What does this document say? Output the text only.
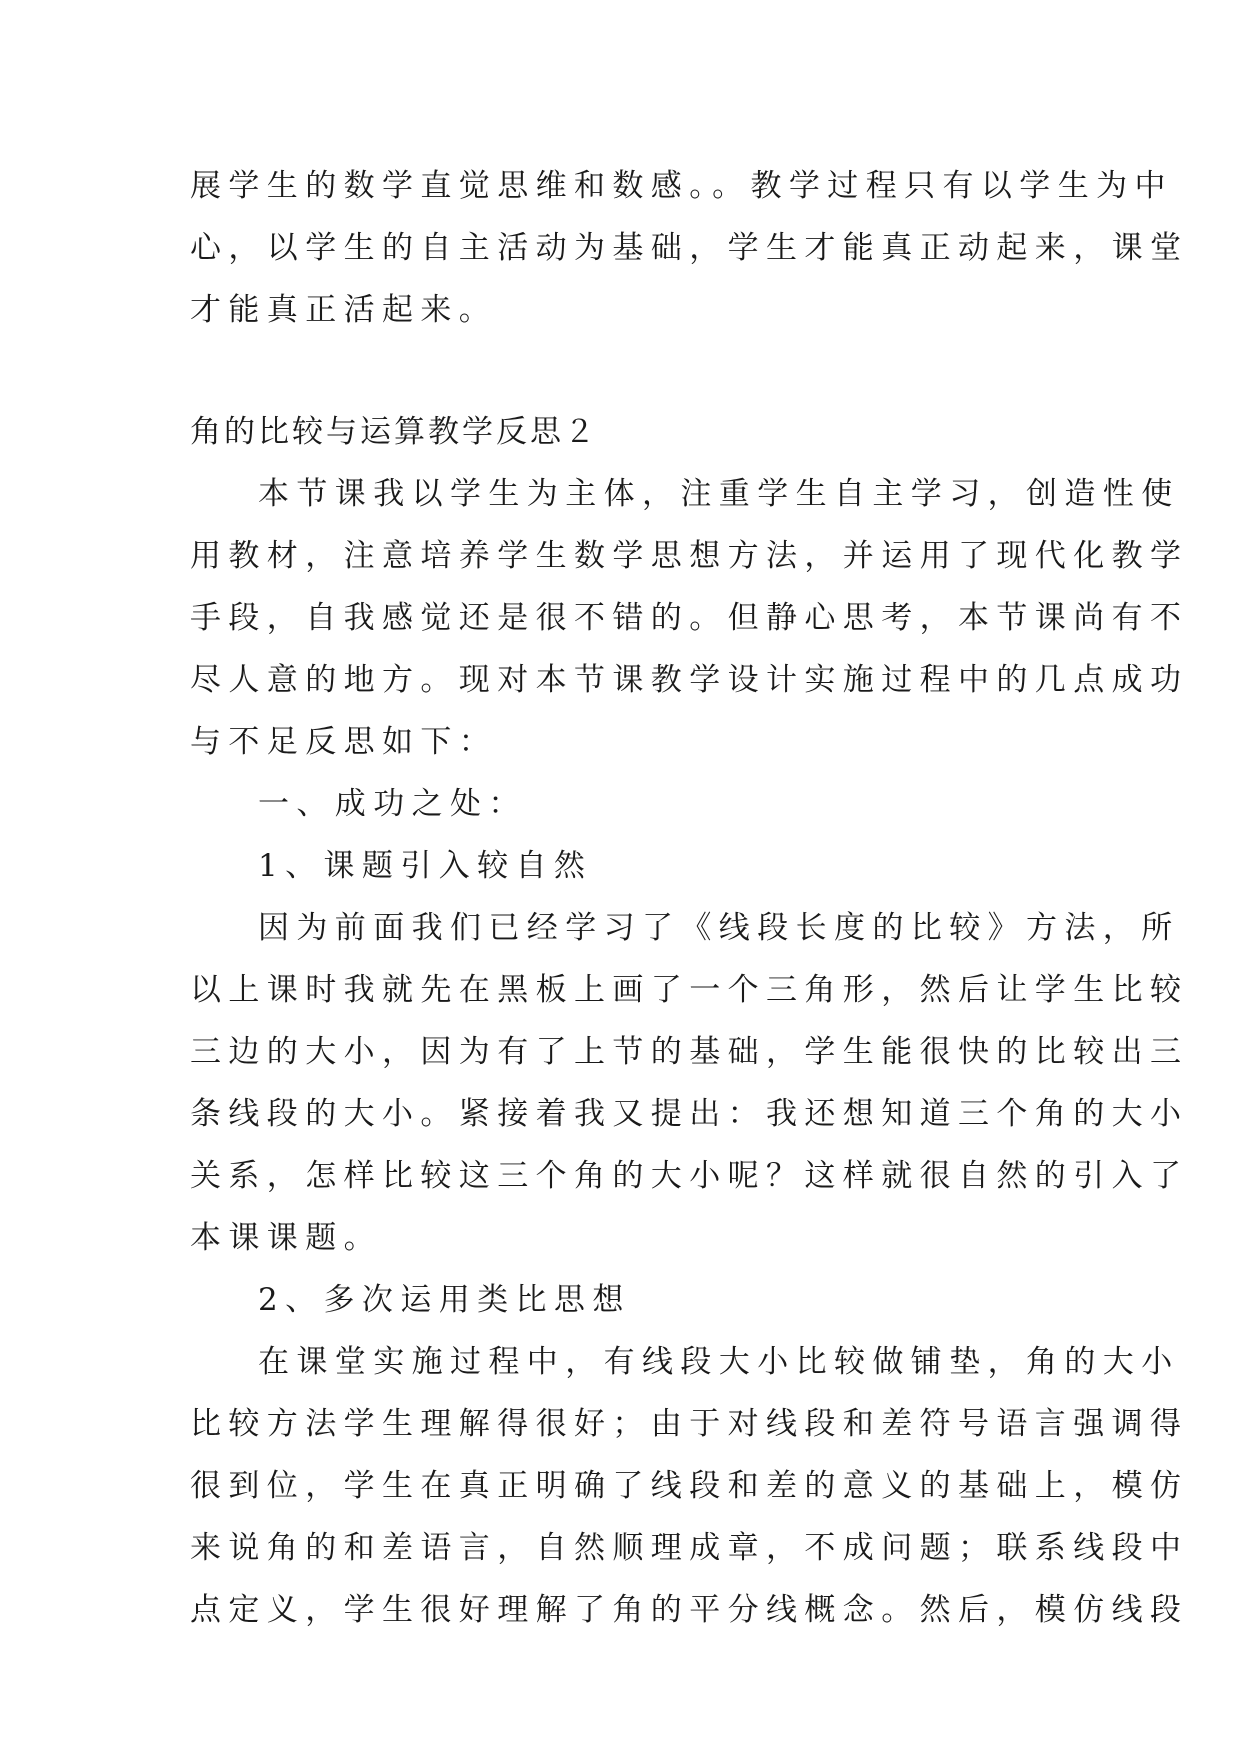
展学生的数学直觉思维和数感。。教学过程只有以学生为中
心，以学生的自主活动为基础，学生才能真正动起来，课堂
才能真正活起来。
角的比较与运算教学反思２
本节课我以学生为主体，注重学生自主学习，创造性使
用教材，注意培养学生数学思想方法，并运用了现代化教学
手段，自我感觉还是很不错的。但静心思考，本节课尚有不
尽人意的地方。现对本节课教学设计实施过程中的几点成功
与不足反思如下：
一、成功之处：
1、课题引入较自然
因为前面我们已经学习了《线段长度的比较》方法，所
以上课时我就先在黑板上画了一个三角形，然后让学生比较
三边的大小，因为有了上节的基础，学生能很快的比较出三
条线段的大小。紧接着我又提出：我还想知道三个角的大小
关系，怎样比较这三个角的大小呢？这样就很自然的引入了
本课课题。
2、多次运用类比思想
在课堂实施过程中，有线段大小比较做铺垫，角的大小
比较方法学生理解得很好；由于对线段和差符号语言强调得
很到位，学生在真正明确了线段和差的意义的基础上，模仿
来说角的和差语言，自然顺理成章，不成问题；联系线段中
点定义，学生很好理解了角的平分线概念。然后，模仿线段
